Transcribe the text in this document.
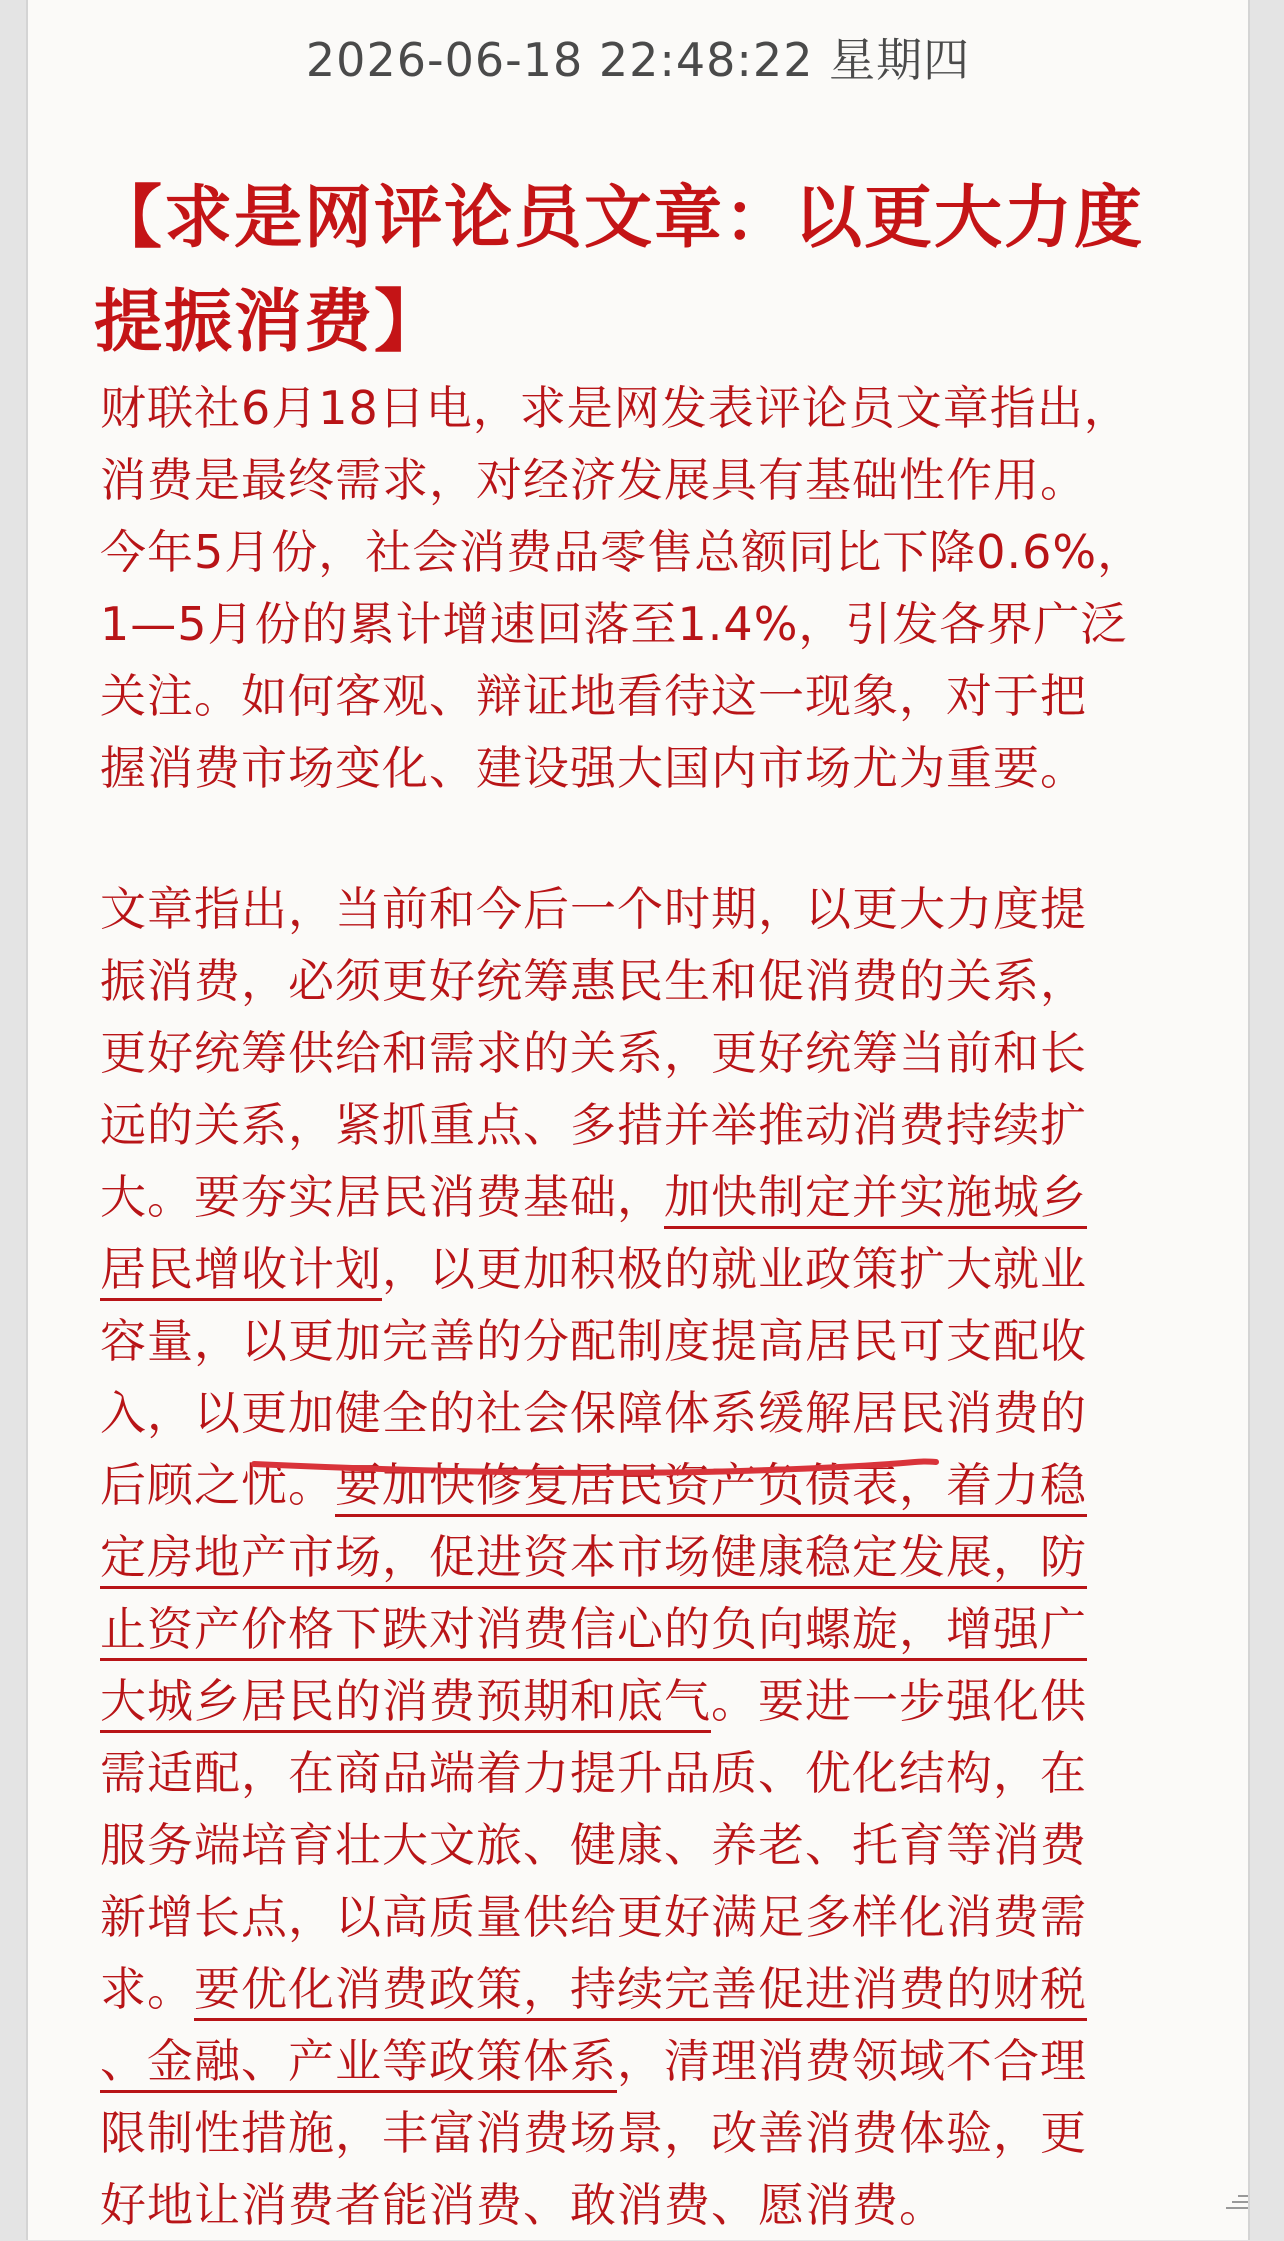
2026-06-18 22:48:22 星期四
【求是网评论员文章：以更大力度
提振消费】
财联社6月18日电，求是网发表评论员文章指出，
消费是最终需求，对经济发展具有基础性作用。
今年5月份，社会消费品零售总额同比下降0.6%，
1—5月份的累计增速回落至1.4%，引发各界广泛
关注。如何客观、辩证地看待这一现象，对于把
握消费市场变化、建设强大国内市场尤为重要。
文章指出，当前和今后一个时期，以更大力度提
振消费，必须更好统筹惠民生和促消费的关系，
更好统筹供给和需求的关系，更好统筹当前和长
远的关系，紧抓重点、多措并举推动消费持续扩
大。要夯实居民消费基础，加快制定并实施城乡
居民增收计划，以更加积极的就业政策扩大就业
容量，以更加完善的分配制度提高居民可支配收
入，以更加健全的社会保障体系缓解居民消费的
后顾之忧。要加快修复居民资产负债表，着力稳
定房地产市场，促进资本市场健康稳定发展，防
止资产价格下跌对消费信心的负向螺旋，增强广
大城乡居民的消费预期和底气。要进一步强化供
需适配，在商品端着力提升品质、优化结构，在
服务端培育壮大文旅、健康、养老、托育等消费
新增长点，以高质量供给更好满足多样化消费需
求。要优化消费政策，持续完善促进消费的财税
、金融、产业等政策体系，清理消费领域不合理
限制性措施，丰富消费场景，改善消费体验，更
好地让消费者能消费、敢消费、愿消费。
